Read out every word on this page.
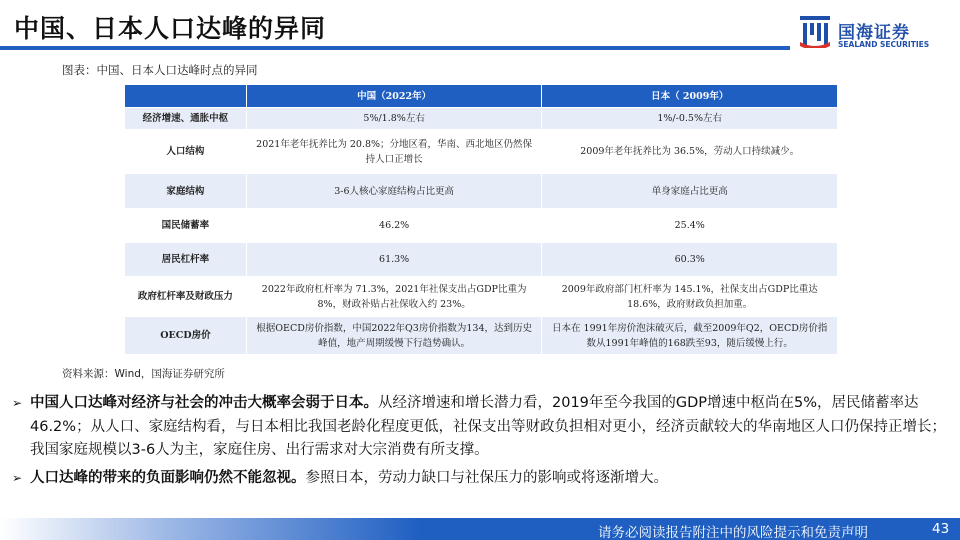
中国、日本人口达峰的异同	国海证券
SEALAND SECURITIES
图表：中国、日本人口达峰时点的异同
	中国（2022年）	日本（ 2009年）
经济增速、通胀中枢	5%/1.8%左右	1%/-0.5%左右
人口结构	2021年老年抚养比为 20.8%；分地区看，华南、西北地区仍然保持人口正增长	2009年老年抚养比为 36.5%，劳动人口持续减少。
家庭结构	3-6人核心家庭结构占比更高	单身家庭占比更高
国民储蓄率	46.2%	25.4%
居民杠杆率	61.3%	60.3%
政府杠杆率及财政压力	2022年政府杠杆率为 71.3%，2021年社保支出占GDP比重为 8%，财政补贴占社保收入约 23%。	2009年政府部门杠杆率为 145.1%，社保支出占GDP比重达18.6%，政府财政负担加重。
OECD房价	根据OECD房价指数，中国2022年Q3房价指数为134，达到历史峰值，地产周期缓慢下行趋势确认。	日本在 1991年房价泡沫破灭后，截至2009年Q2，OECD房价指数从1991年峰值的168跌至93，随后缓慢上行。
资料来源：Wind，国海证券研究所
➢ 中国人口达峰对经济与社会的冲击大概率会弱于日本。从经济增速和增长潜力看，2019年至今我国的GDP增速中枢尚在5%，居民储蓄率达46.2%；从人口、家庭结构看，与日本相比我国老龄化程度更低，社保支出等财政负担相对更小，经济贡献较大的华南地区人口仍保持正增长；我国家庭规模以3-6人为主，家庭住房、出行需求对大宗消费有所支撑。
➢ 人口达峰的带来的负面影响仍然不能忽视。参照日本，劳动力缺口与社保压力的影响或将逐渐增大。
请务必阅读报告附注中的风险提示和免责声明	43
